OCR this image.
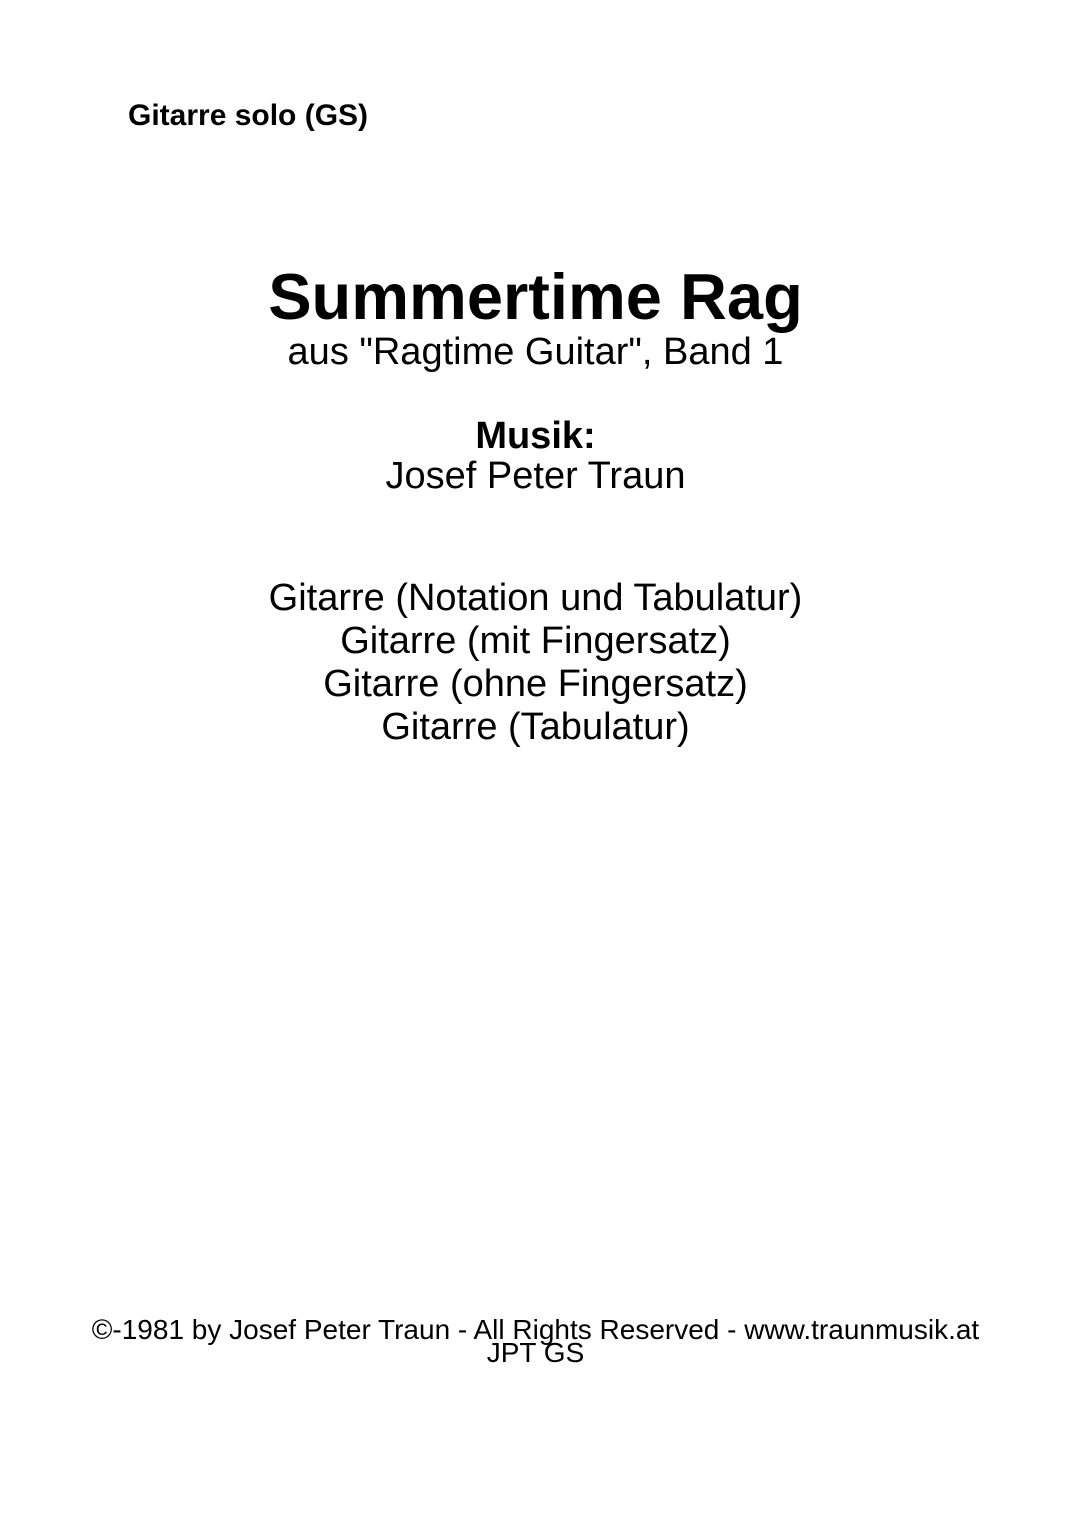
Gitarre solo (GS)
Summertime Rag
aus "Ragtime Guitar", Band 1
Musik:
Josef Peter Traun
Gitarre (Notation und Tabulatur)
Gitarre (mit Fingersatz)
Gitarre (ohne Fingersatz)
Gitarre (Tabulatur)
©-1981 by Josef Peter Traun - All Rights Reserved - www.traunmusik.at
JPT GS
